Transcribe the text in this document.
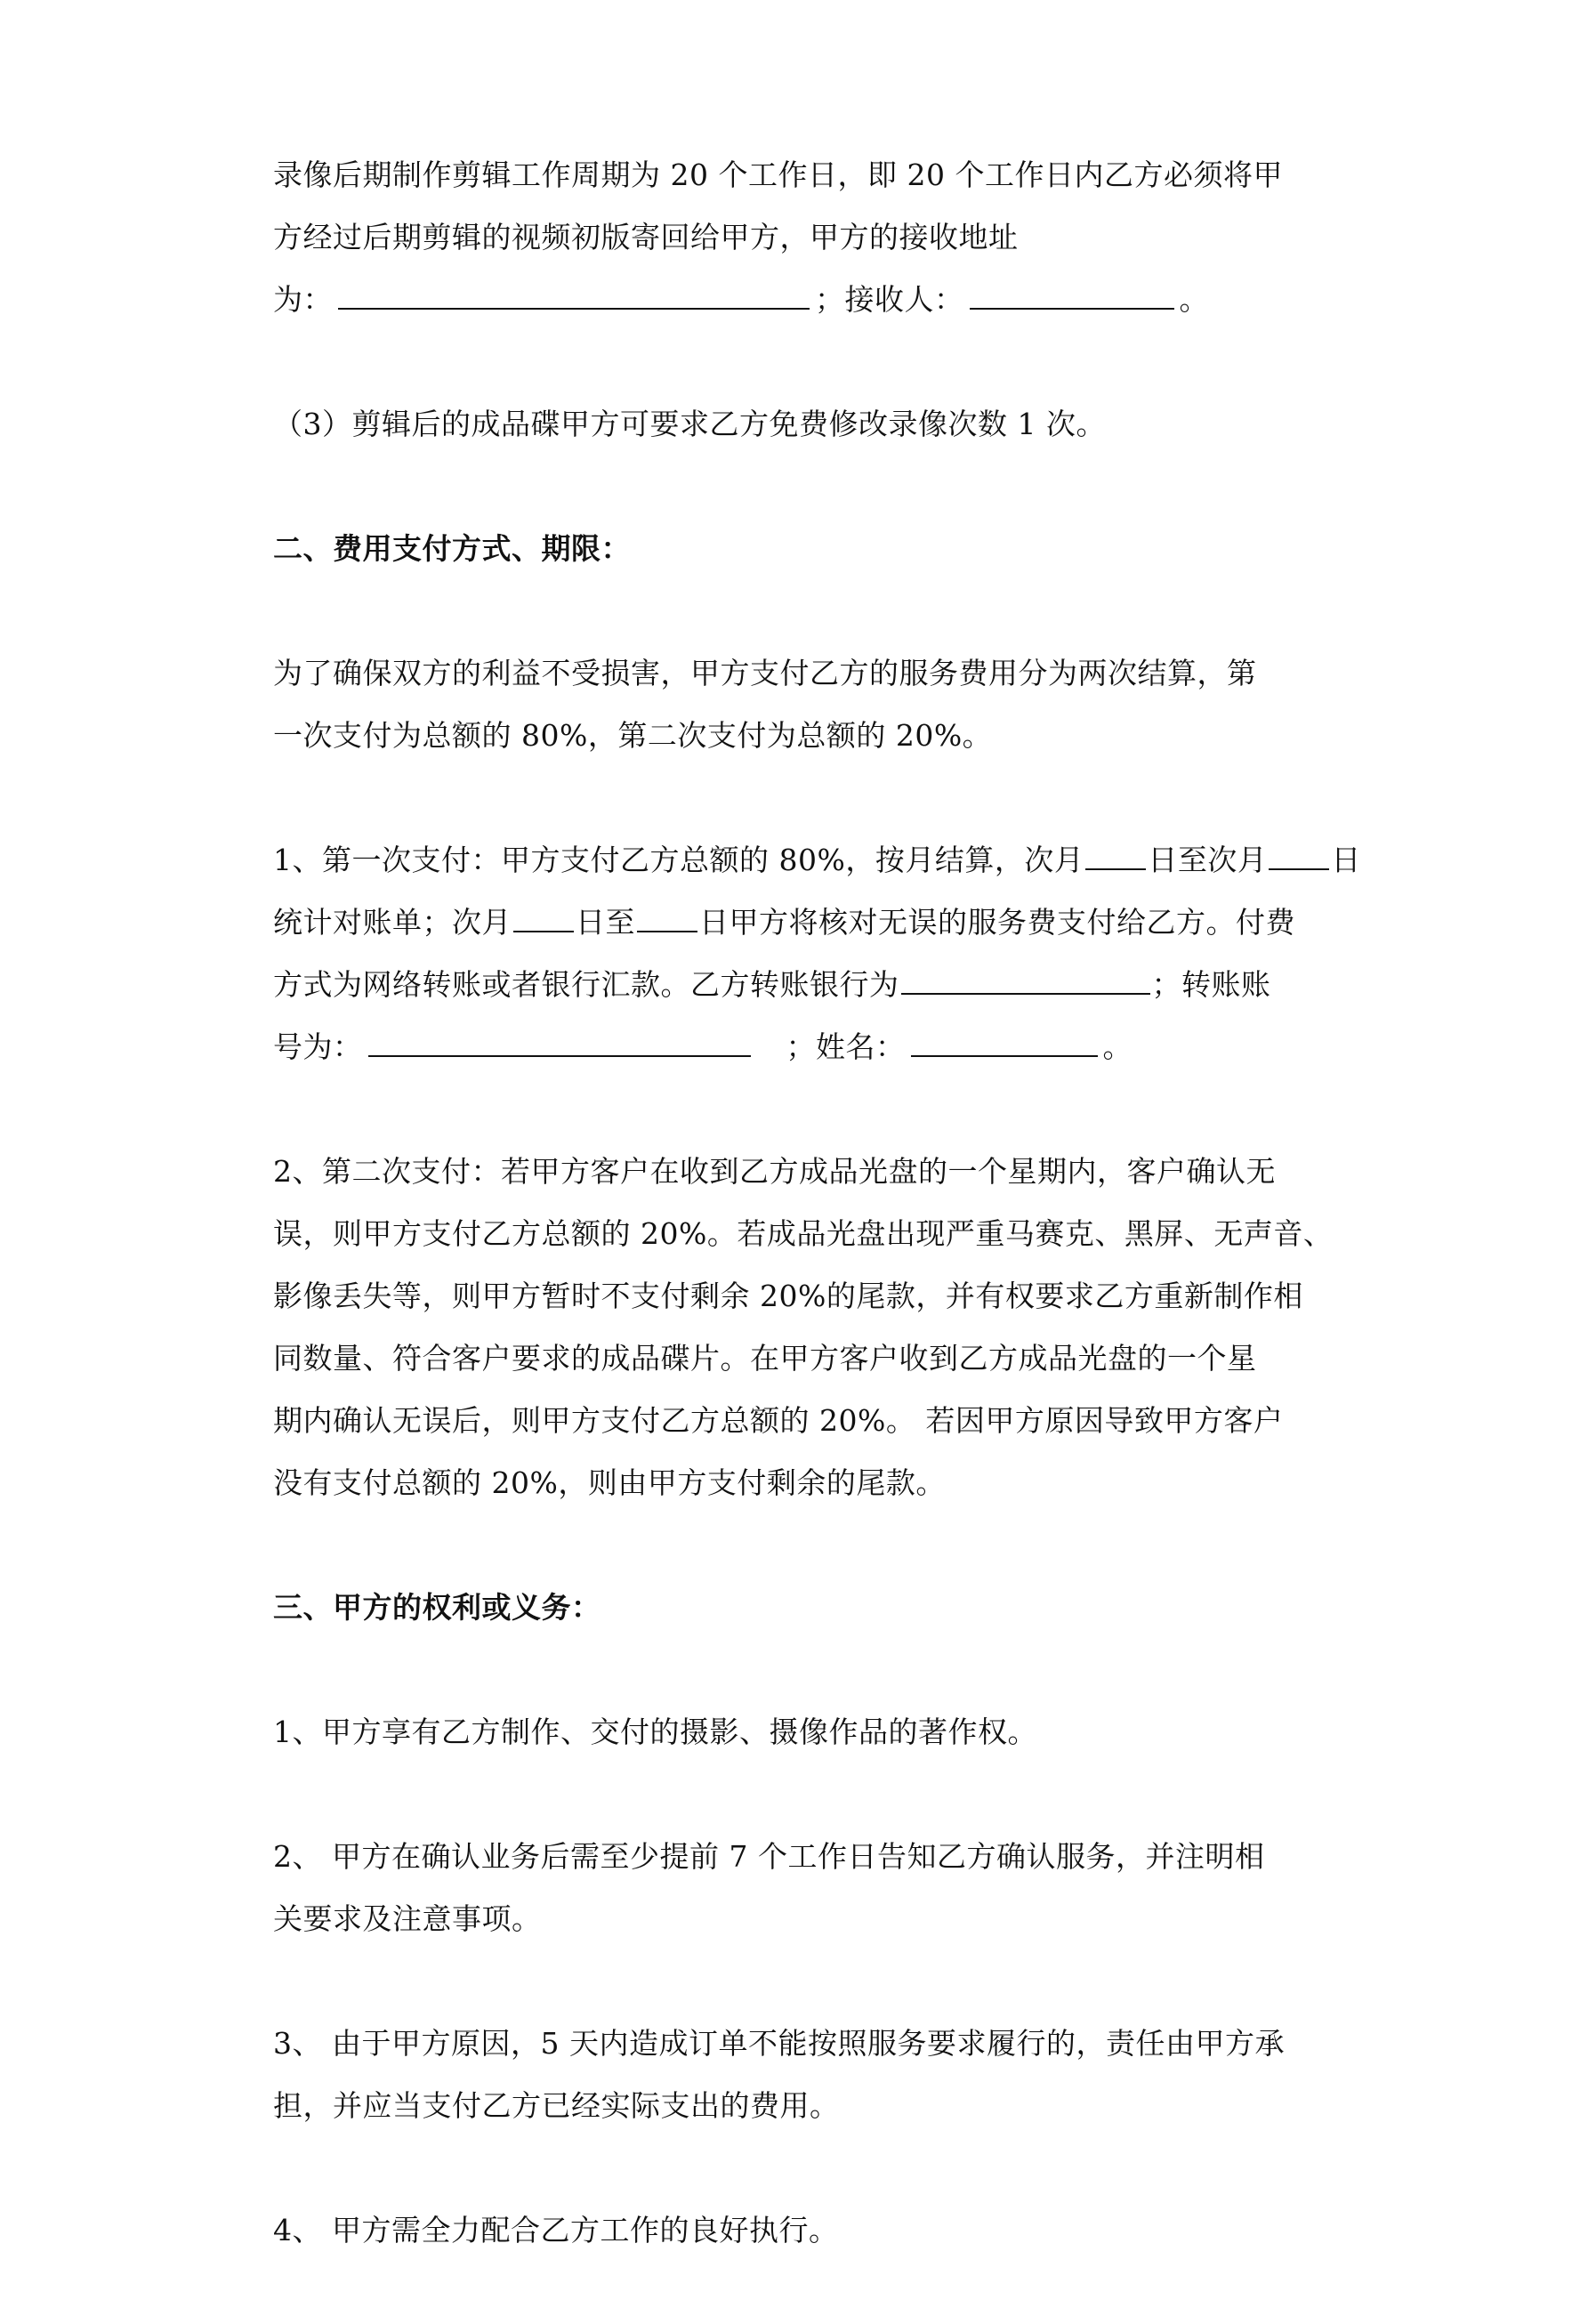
录像后期制作剪辑工作周期为 20 个工作日，即 20 个工作日内乙方必须将甲
方经过后期剪辑的视频初版寄回给甲方，甲方的接收地址
为：	；接收人：	。
（3）剪辑后的成品碟甲方可要求乙方免费修改录像次数 1 次。
二、费用支付方式、期限：
为了确保双方的利益不受损害，甲方支付乙方的服务费用分为两次结算，第
一次支付为总额的 80%，第二次支付为总额的 20%。
1、第一次支付：甲方支付乙方总额的 80%，按月结算，次月 日至次月 日
统计对账单；次月 日至 日甲方将核对无误的服务费支付给乙方。付费
方式为网络转账或者银行汇款。乙方转账银行为	；转账账
号为：	；姓名：	。
2、第二次支付：若甲方客户在收到乙方成品光盘的一个星期内，客户确认无
误，则甲方支付乙方总额的 20%。若成品光盘出现严重马赛克、黑屏、无声音、
影像丢失等，则甲方暂时不支付剩余 20%的尾款，并有权要求乙方重新制作相
同数量、符合客户要求的成品碟片。在甲方客户收到乙方成品光盘的一个星
期内确认无误后，则甲方支付乙方总额的 20%。 若因甲方原因导致甲方客户
没有支付总额的 20%，则由甲方支付剩余的尾款。
三、甲方的权利或义务：
1、甲方享有乙方制作、交付的摄影、摄像作品的著作权。
2、 甲方在确认业务后需至少提前 7 个工作日告知乙方确认服务，并注明相
关要求及注意事项。
3、 由于甲方原因，5 天内造成订单不能按照服务要求履行的，责任由甲方承
担，并应当支付乙方已经实际支出的费用。
4、 甲方需全力配合乙方工作的良好执行。
